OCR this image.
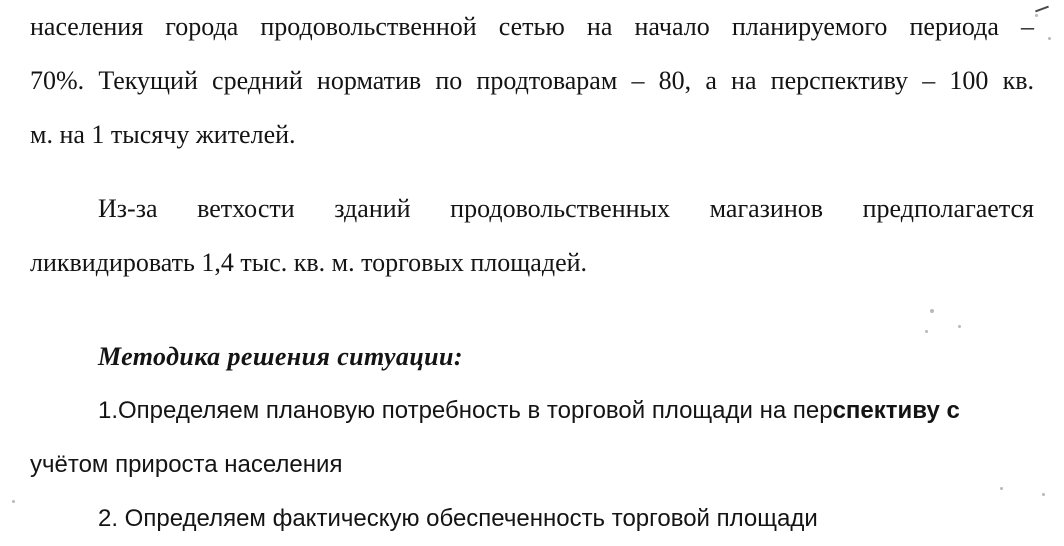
населения города продовольственной сетью на начало планируемого периода –

70%. Текущий средний норматив по продтоварам – 80, а на перспективу – 100 кв.

м. на 1 тысячу жителей.

Из-за ветхости зданий продовольственных магазинов предполагается

ликвидировать 1,4 тыс. кв. м. торговых площадей.

Методика решения ситуации:

1.Определяем плановую потребность в торговой площади на перспективу с

учётом прироста населения

2. Определяем фактическую обеспеченность торговой площади
